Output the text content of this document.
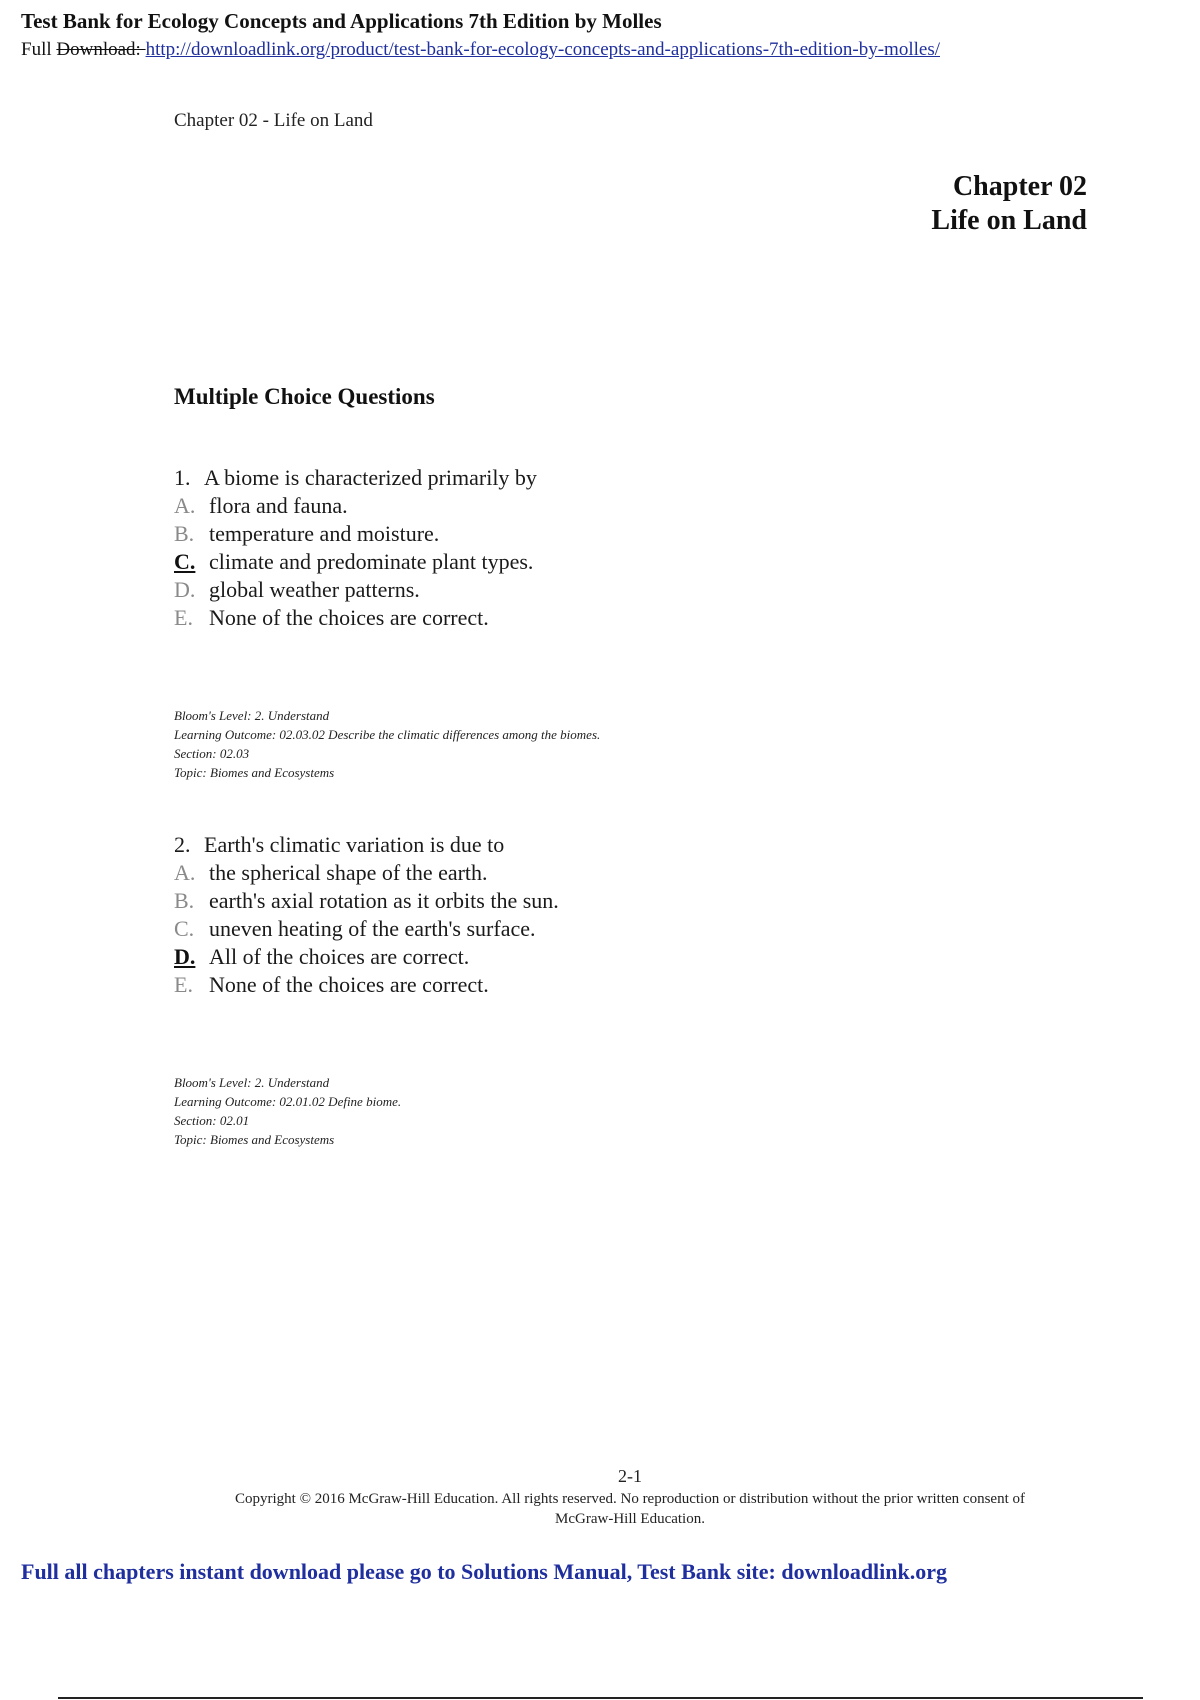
Test Bank for Ecology Concepts and Applications 7th Edition by Molles
Full Download: http://downloadlink.org/product/test-bank-for-ecology-concepts-and-applications-7th-edition-by-molles/
Chapter 02 - Life on Land
Chapter 02
Life on Land
Multiple Choice Questions
1. A biome is characterized primarily by
A. flora and fauna.
B. temperature and moisture.
C. climate and predominate plant types.
D. global weather patterns.
E. None of the choices are correct.
Bloom's Level: 2. Understand
Learning Outcome: 02.03.02 Describe the climatic differences among the biomes.
Section: 02.03
Topic: Biomes and Ecosystems
2. Earth's climatic variation is due to
A. the spherical shape of the earth.
B. earth's axial rotation as it orbits the sun.
C. uneven heating of the earth's surface.
D. All of the choices are correct.
E. None of the choices are correct.
Bloom's Level: 2. Understand
Learning Outcome: 02.01.02 Define biome.
Section: 02.01
Topic: Biomes and Ecosystems
2-1
Copyright © 2016 McGraw-Hill Education. All rights reserved. No reproduction or distribution without the prior written consent of
McGraw-Hill Education.
Full all chapters instant download please go to Solutions Manual, Test Bank site: downloadlink.org
